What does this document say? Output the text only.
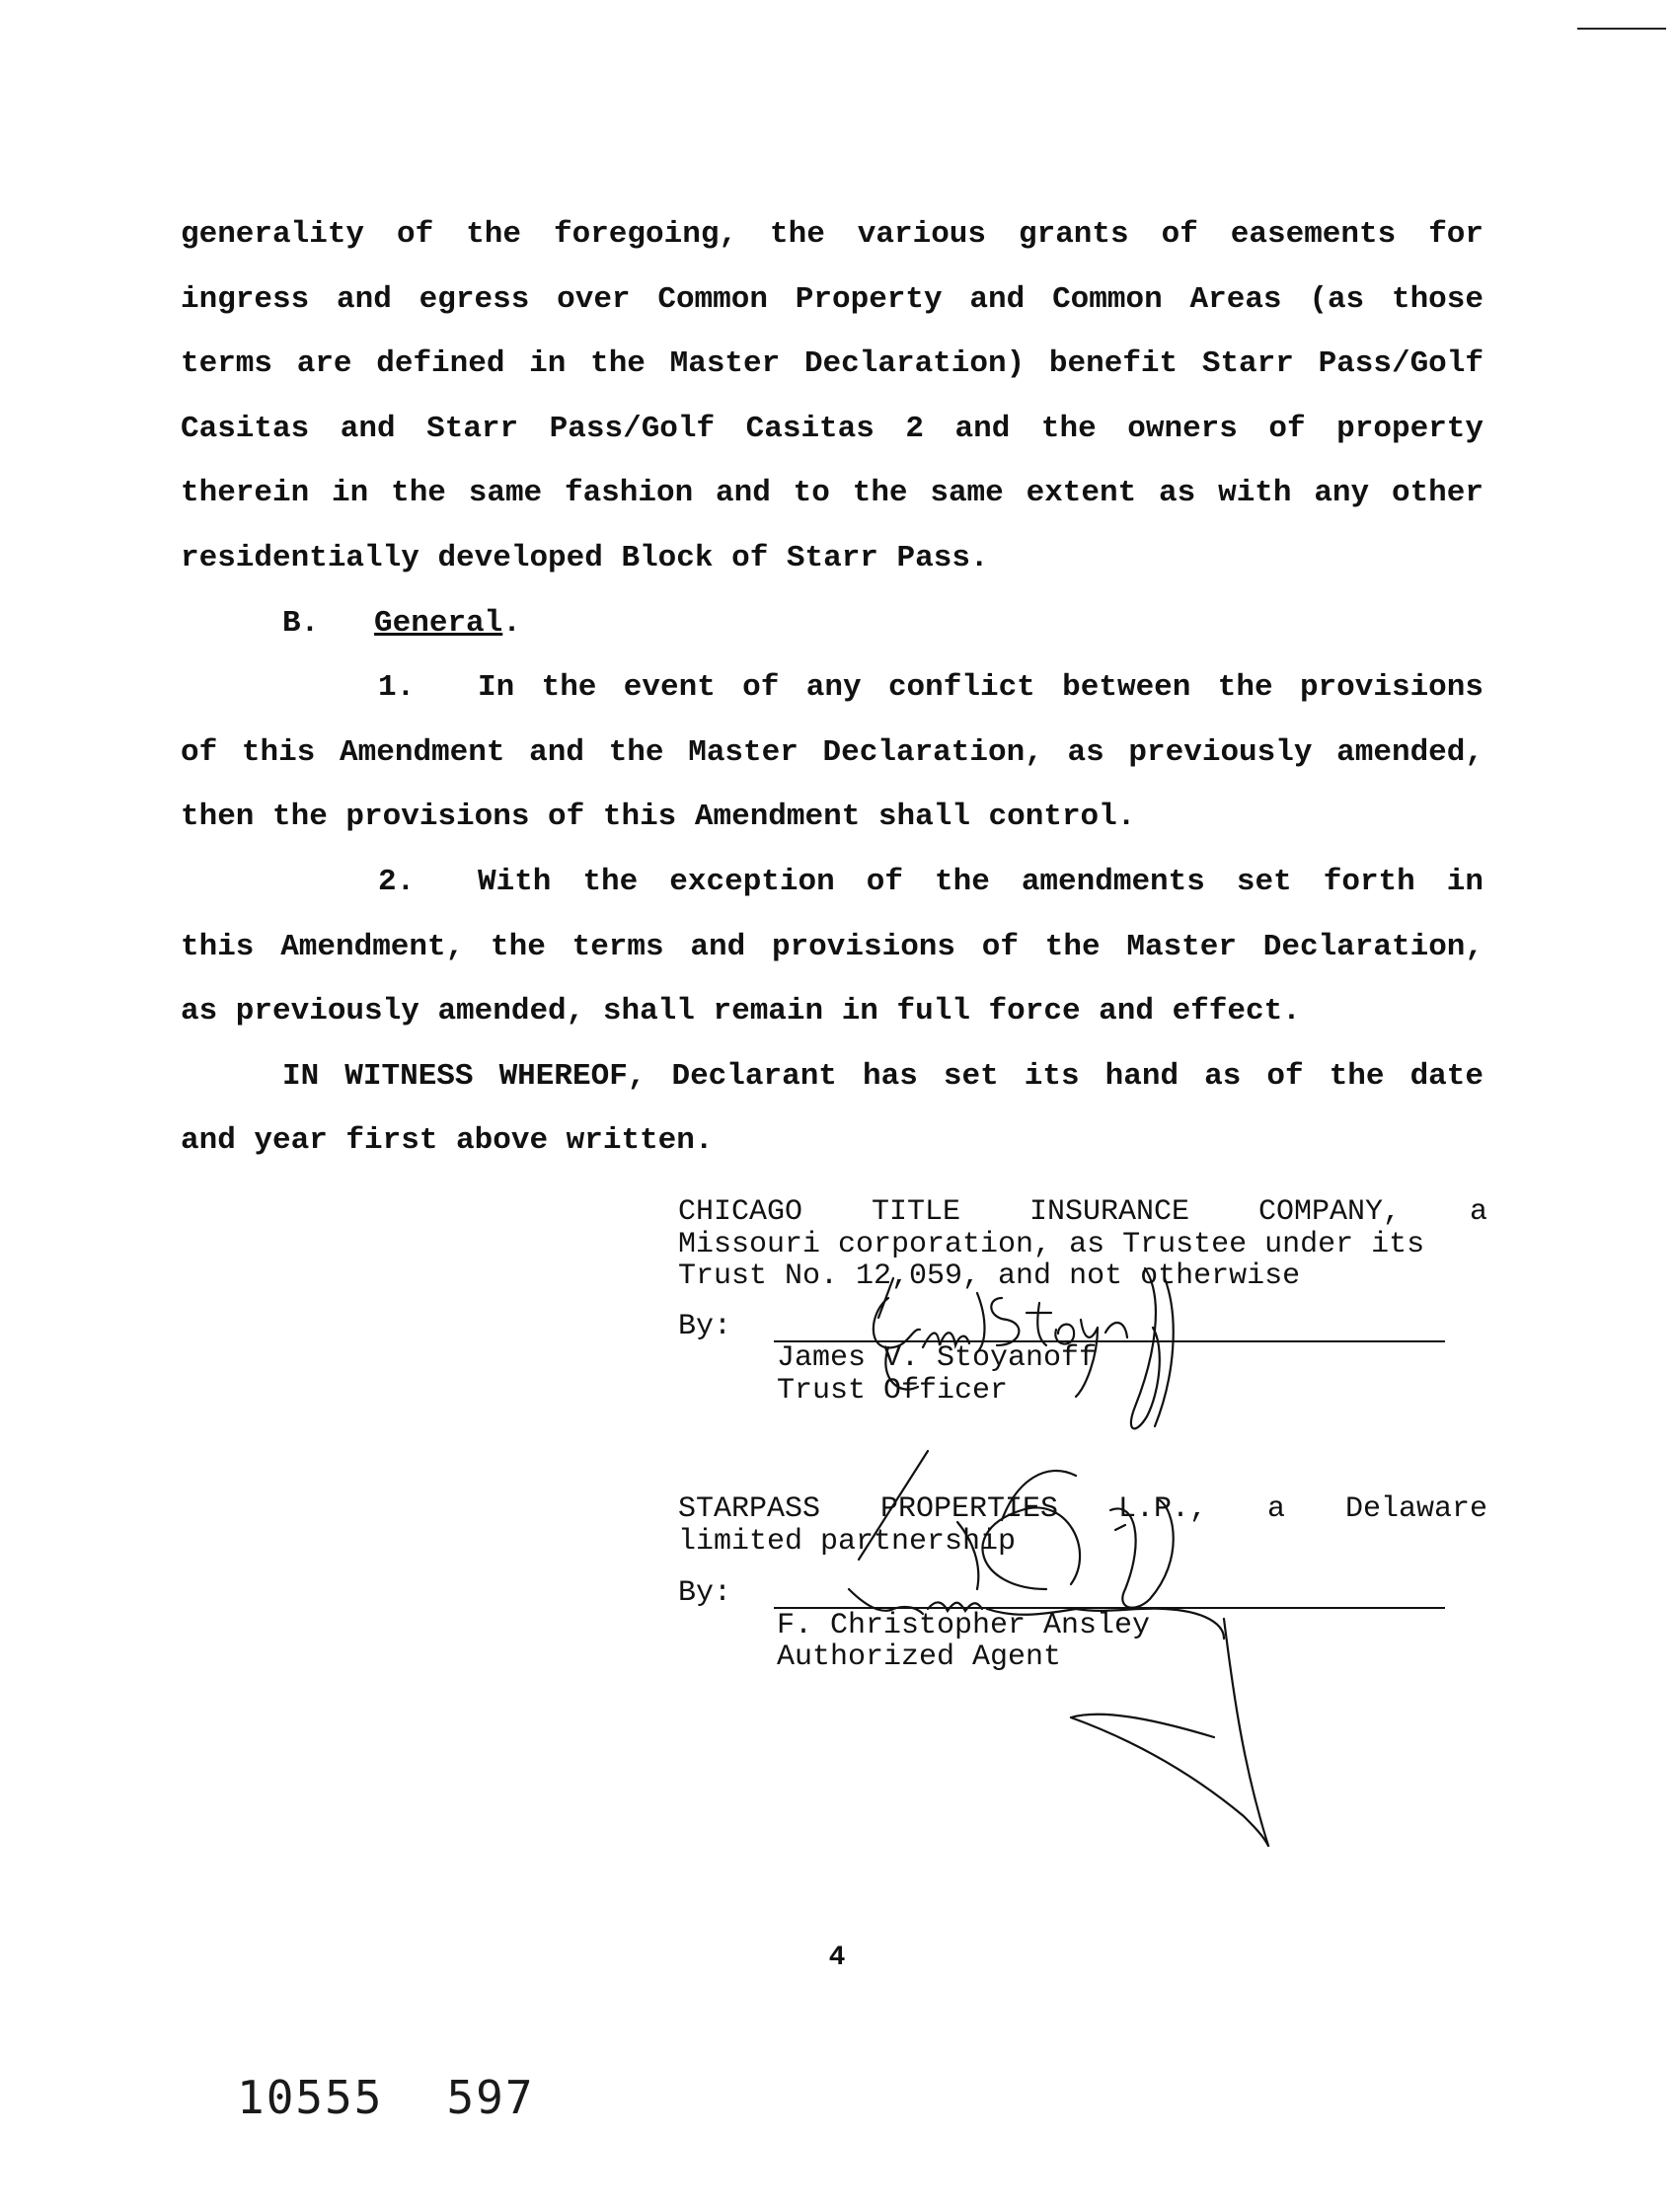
generality of the foregoing, the various grants of easements for
ingress and egress over Common Property and Common Areas (as those
terms are defined in the Master Declaration) benefit Starr Pass/Golf
Casitas and Starr Pass/Golf Casitas 2 and the owners of property
therein in the same fashion and to the same extent as with any other
residentially developed Block of Starr Pass.
B. General.
1.	In the event of any conflict between the provisions
of this Amendment and the Master Declaration, as previously amended,
then the provisions of this Amendment shall control.
2.	With the exception of the amendments set forth in
this Amendment, the terms and provisions of the Master Declaration,
as previously amended, shall remain in full force and effect.
IN WITNESS WHEREOF, Declarant has set its hand as of the date
and year first above written.
CHICAGO TITLE INSURANCE COMPANY, a
Missouri corporation, as Trustee under its
Trust No. 12,059, and not otherwise
By:
James V. Stoyanoff
Trust Officer
STARPASS PROPERTIES L.P., a Delaware
limited partnership
By:
F. Christopher Ansley
Authorized Agent
4
10555 597
